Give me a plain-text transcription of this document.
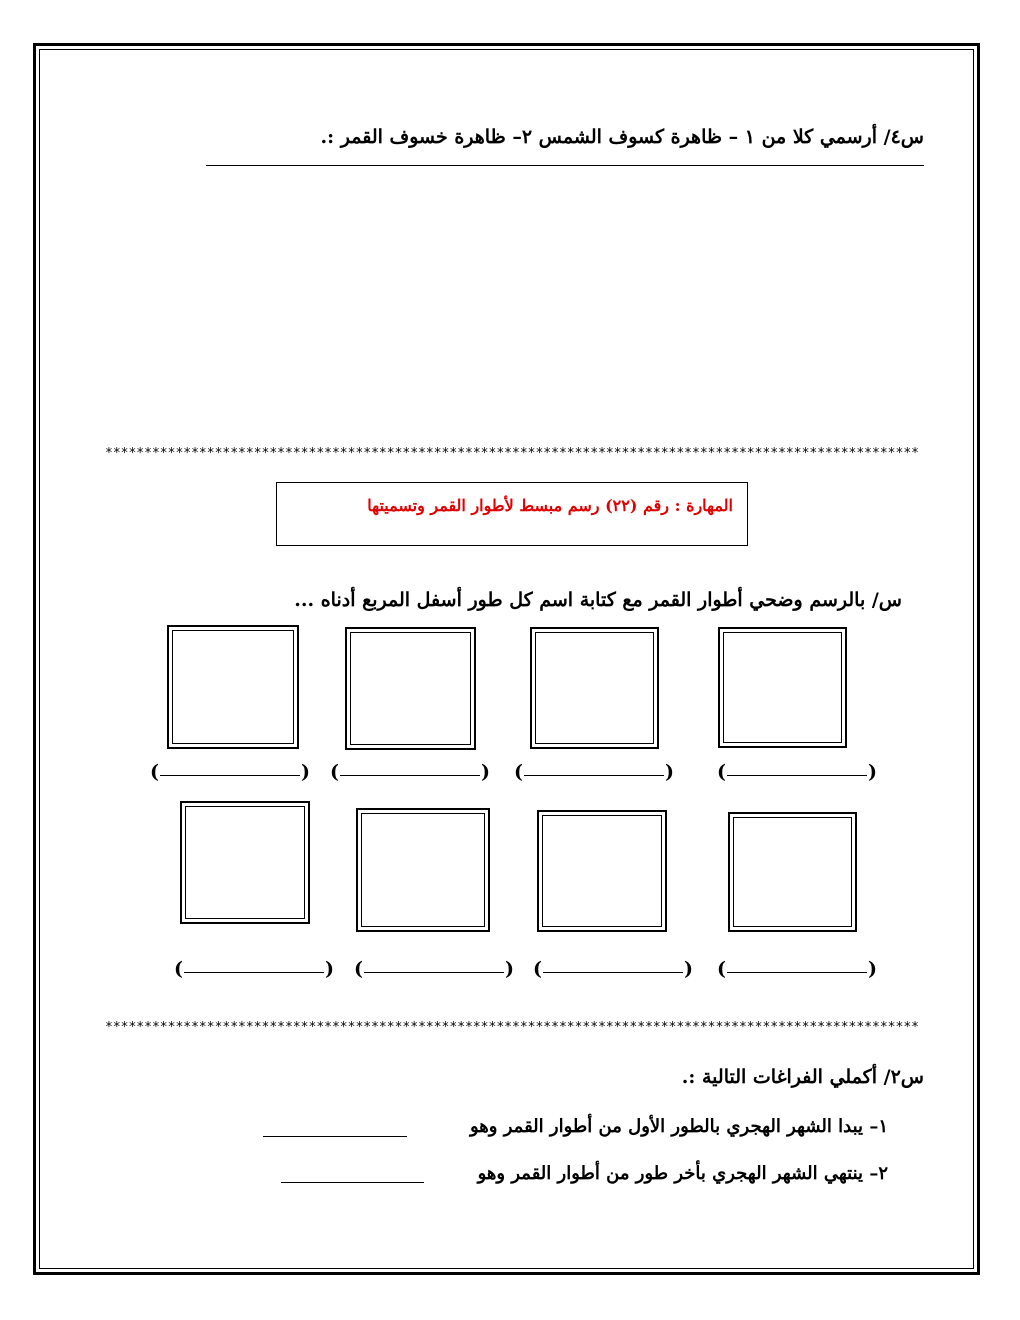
س٤/ أرسمي كلا من ١ – ظاهرة كسوف الشمس ٢– ظاهرة خسوف القمر :.
********************************************************************************************************
المهارة : رقم (٢٢) رسم مبسط لأطوار القمر وتسميتها
س/ بالرسم وضحي أطوار القمر مع كتابة اسم كل طور أسفل المربع أدناه ...
(	)
(	)
(	)
(	)
(	)
(	)
(	)
(	)
********************************************************************************************************
س٢/ أكملي الفراغات التالية :.
١– يبدا الشهر الهجري بالطور الأول من أطوار القمر وهو
٢– ينتهي الشهر الهجري بأخر طور من أطوار القمر وهو
